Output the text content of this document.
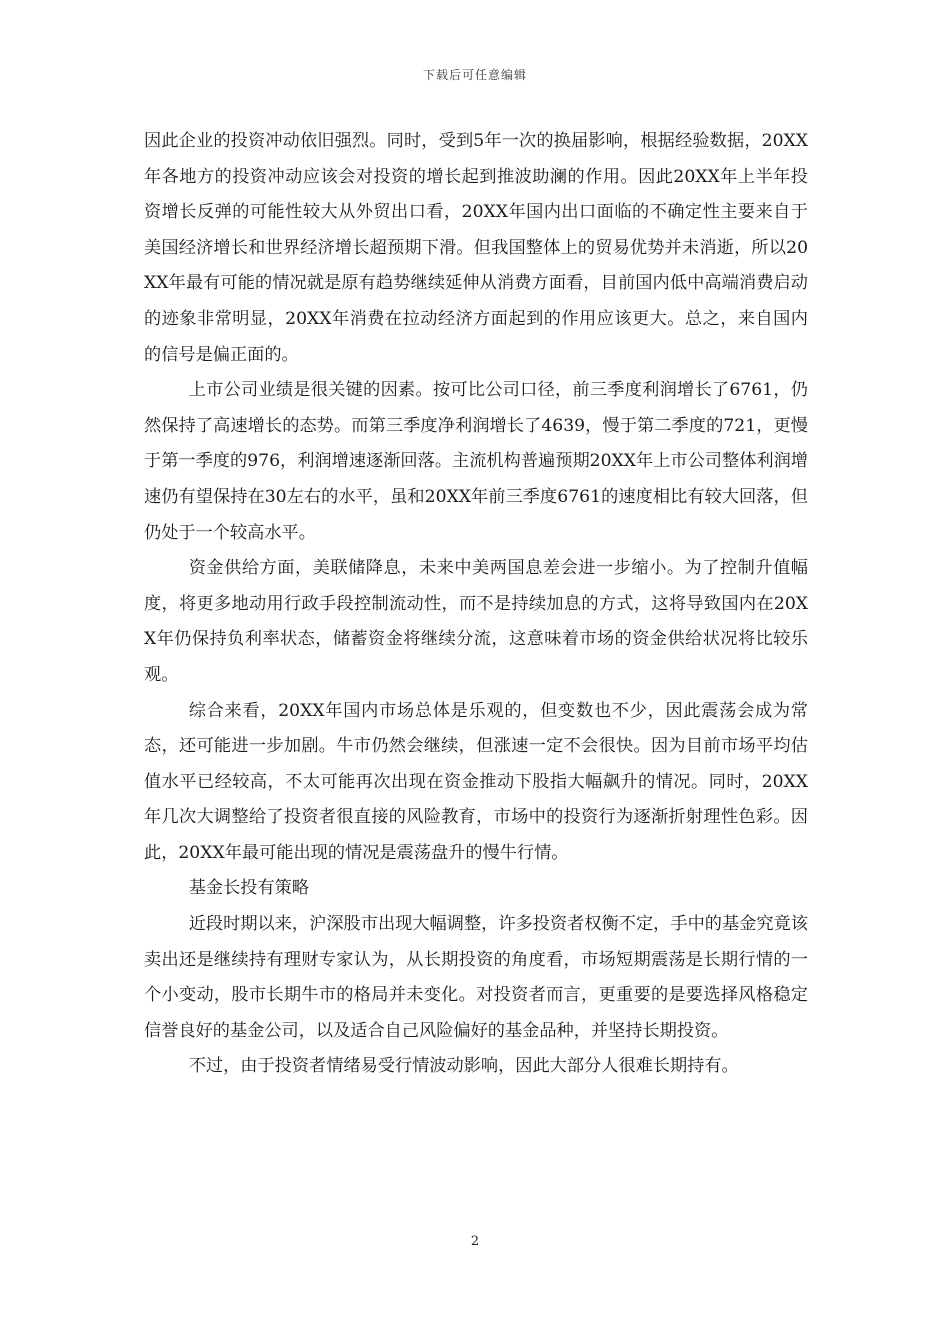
下载后可任意编辑

因此企业的投资冲动依旧强烈。同时，受到5年一次的换届影响，根据经验数据，20XX年各地方的投资冲动应该会对投资的增长起到推波助澜的作用。因此20XX年上半年投资增长反弹的可能性较大从外贸出口看，20XX年国内出口面临的不确定性主要来自于美国经济增长和世界经济增长超预期下滑。但我国整体上的贸易优势并未消逝，所以20XX年最有可能的情况就是原有趋势继续延伸从消费方面看，目前国内低中高端消费启动的迹象非常明显，20XX年消费在拉动经济方面起到的作用应该更大。总之，来自国内的信号是偏正面的。

上市公司业绩是很关键的因素。按可比公司口径，前三季度利润增长了6761，仍然保持了高速增长的态势。而第三季度净利润增长了4639，慢于第二季度的721，更慢于第一季度的976，利润增速逐渐回落。主流机构普遍预期20XX年上市公司整体利润增速仍有望保持在30左右的水平，虽和20XX年前三季度6761的速度相比有较大回落，但仍处于一个较高水平。

资金供给方面，美联储降息，未来中美两国息差会进一步缩小。为了控制升值幅度，将更多地动用行政手段控制流动性，而不是持续加息的方式，这将导致国内在20XX年仍保持负利率状态，储蓄资金将继续分流，这意味着市场的资金供给状况将比较乐观。

综合来看，20XX年国内市场总体是乐观的，但变数也不少，因此震荡会成为常态，还可能进一步加剧。牛市仍然会继续，但涨速一定不会很快。因为目前市场平均估值水平已经较高，不太可能再次出现在资金推动下股指大幅飙升的情况。同时，20XX年几次大调整给了投资者很直接的风险教育，市场中的投资行为逐渐折射理性色彩。因此，20XX年最可能出现的情况是震荡盘升的慢牛行情。

基金长投有策略

近段时期以来，沪深股市出现大幅调整，许多投资者权衡不定，手中的基金究竟该卖出还是继续持有理财专家认为，从长期投资的角度看，市场短期震荡是长期行情的一个小变动，股市长期牛市的格局并未变化。对投资者而言，更重要的是要选择风格稳定信誉良好的基金公司，以及适合自己风险偏好的基金品种，并坚持长期投资。

不过，由于投资者情绪易受行情波动影响，因此大部分人很难长期持有。

2
